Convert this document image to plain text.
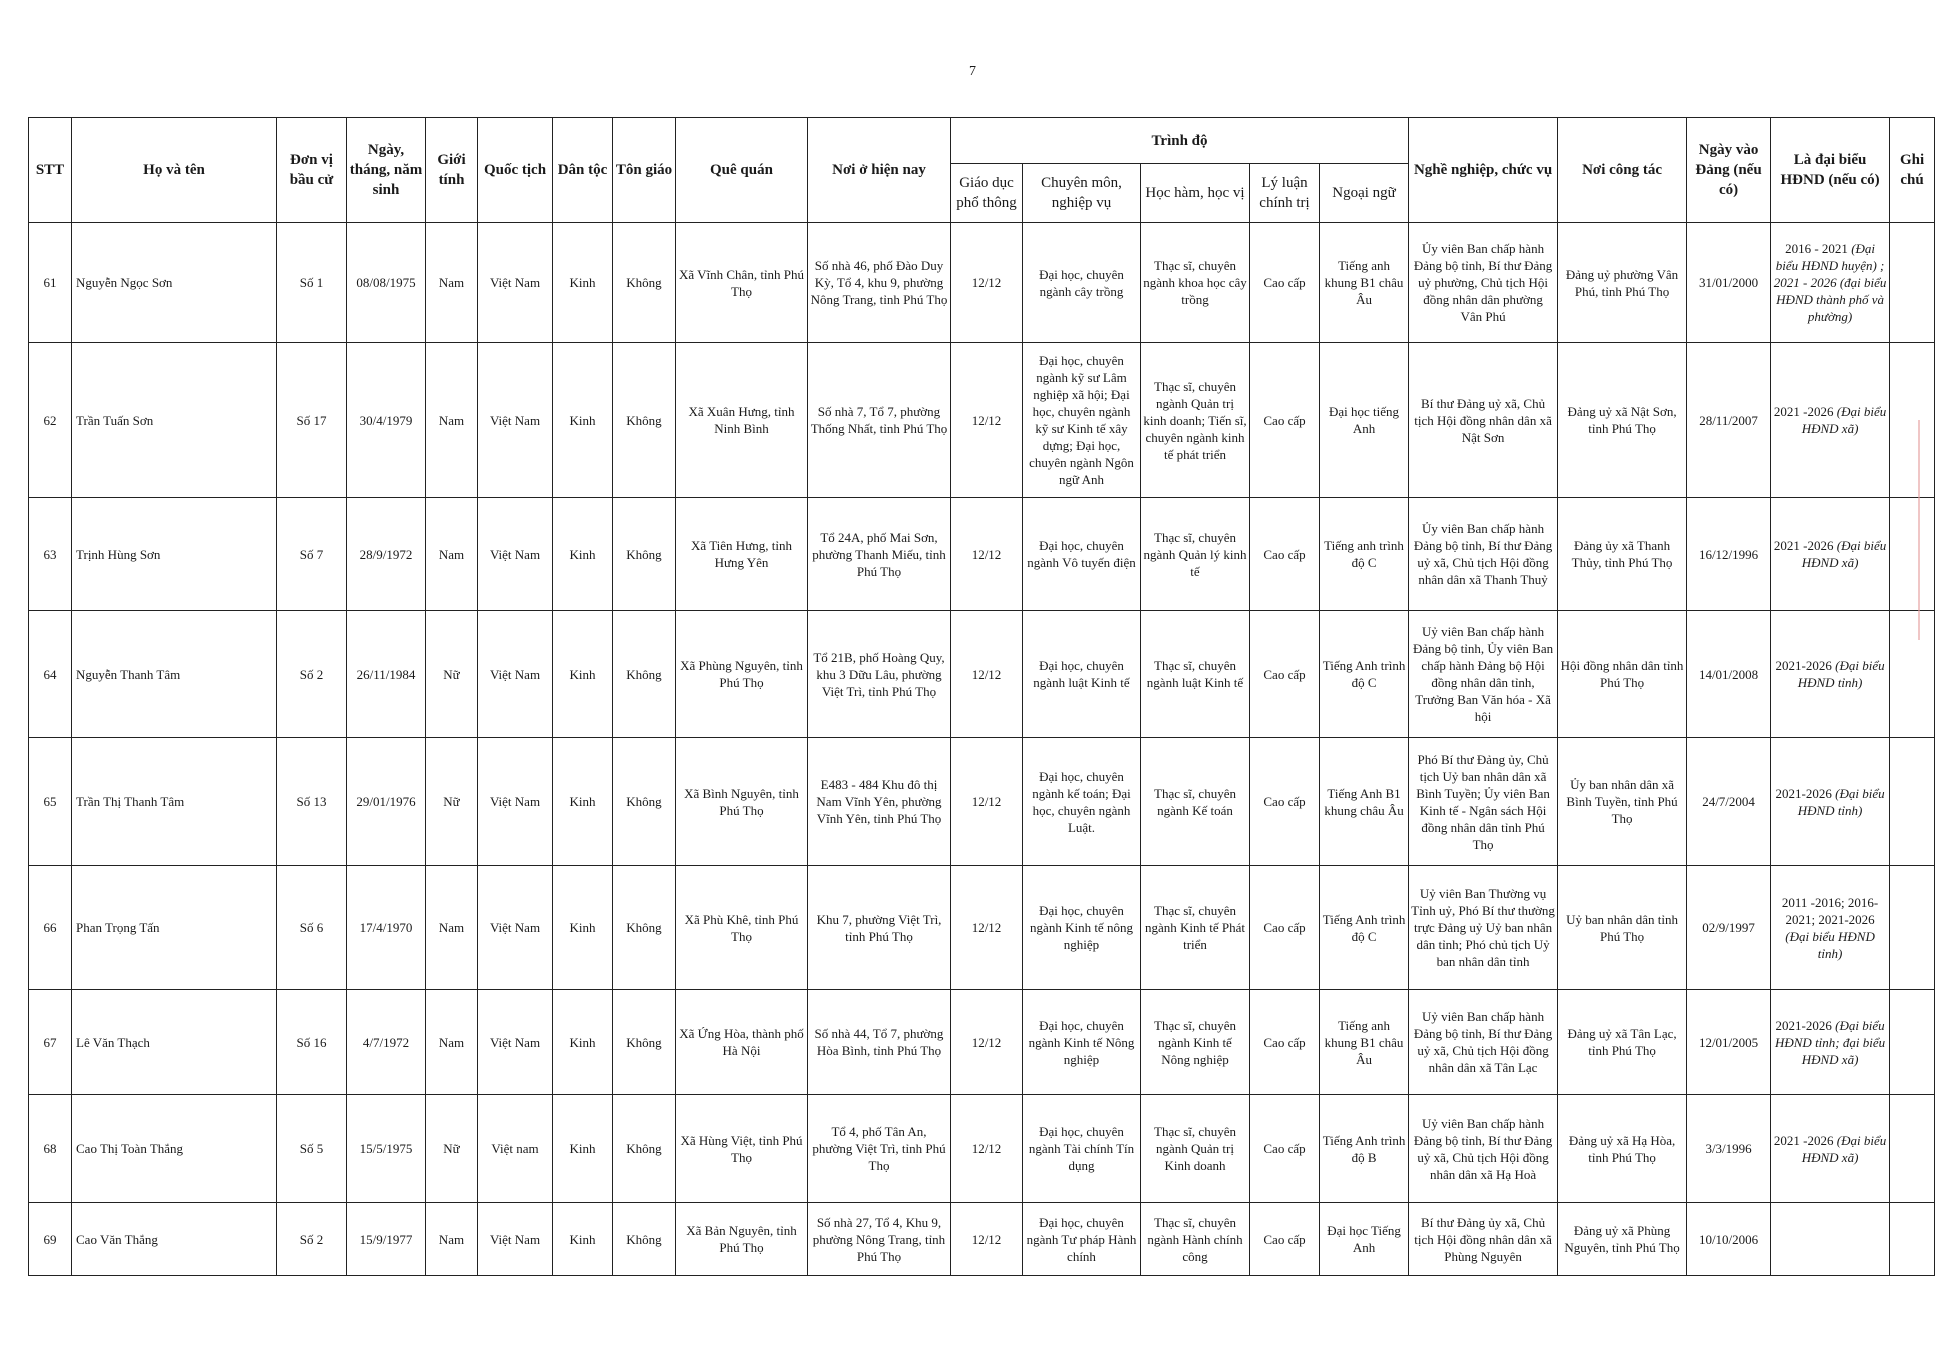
7
STT	Họ và tên	Đơn vị bầu cử	Ngày, tháng, năm sinh	Giới tính	Quốc tịch	Dân tộc	Tôn giáo	Quê quán	Nơi ở hiện nay	Trình độ					Nghề nghiệp, chức vụ	Nơi công tác	Ngày vào Đảng (nếu có)	Là đại biểu HĐND (nếu có)	Ghi chú
										Giáo dục phổ thông	Chuyên môn, nghiệp vụ	Học hàm, học vị	Lý luận chính trị	Ngoại ngữ					
61	Nguyễn Ngọc Sơn	Số 1	08/08/1975	Nam	Việt Nam	Kinh	Không	Xã Vĩnh Chân, tỉnh Phú Thọ	Số nhà 46, phố Đào Duy Kỳ, Tổ 4, khu 9, phường Nông Trang, tỉnh Phú Thọ	12/12	Đại học, chuyên ngành cây trồng	Thạc sĩ, chuyên ngành khoa học cây trồng	Cao cấp	Tiếng anh khung B1 châu Âu	Ủy viên Ban chấp hành Đảng bộ tỉnh, Bí thư Đảng uỷ phường, Chủ tịch Hội đồng nhân dân phường Vân Phú	Đảng uỷ phường Vân Phú, tỉnh Phú Thọ	31/01/2000	2016 - 2021 (Đại biểu HĐND huyện) ; 2021 - 2026 (đại biểu HĐND thành phố và phường)	
62	Trần Tuấn Sơn	Số 17	30/4/1979	Nam	Việt Nam	Kinh	Không	Xã Xuân Hưng, tỉnh Ninh Bình	Số nhà 7, Tổ 7, phường Thống Nhất, tỉnh Phú Thọ	12/12	Đại học, chuyên ngành kỹ sư Lâm nghiệp xã hội; Đại học, chuyên ngành kỹ sư Kinh tế xây dựng; Đại học, chuyên ngành Ngôn ngữ Anh	Thạc sĩ, chuyên ngành Quản trị kinh doanh; Tiến sĩ, chuyên ngành kinh tế phát triển	Cao cấp	Đại học tiếng Anh	Bí thư Đảng uỷ xã, Chủ tịch Hội đồng nhân dân xã Nật Sơn	Đảng uỷ xã Nật Sơn, tỉnh Phú Thọ	28/11/2007	2021 -2026 (Đại biểu HĐND xã)	
63	Trịnh Hùng Sơn	Số 7	28/9/1972	Nam	Việt Nam	Kinh	Không	Xã Tiên Hưng, tỉnh Hưng Yên	Tổ 24A, phố Mai Sơn, phường Thanh Miếu, tỉnh Phú Thọ	12/12	Đại học, chuyên ngành Vô tuyến điện	Thạc sĩ, chuyên ngành Quản lý kinh tế	Cao cấp	Tiếng anh trình độ C	Ủy viên Ban chấp hành Đảng bộ tỉnh, Bí thư Đảng uỷ xã, Chủ tịch Hội đồng nhân dân xã Thanh Thuỷ	Đảng ủy xã Thanh Thủy, tỉnh Phú Thọ	16/12/1996	2021 -2026 (Đại biểu HĐND xã)	
64	Nguyễn Thanh Tâm	Số 2	26/11/1984	Nữ	Việt Nam	Kinh	Không	Xã Phùng Nguyên, tỉnh Phú Thọ	Tổ 21B, phố Hoàng Quy, khu 3 Dữu Lâu, phường Việt Trì, tỉnh Phú Thọ	12/12	Đại học, chuyên ngành luật Kinh tế	Thạc sĩ, chuyên ngành luật Kinh tế	Cao cấp	Tiếng Anh trình độ C	Uỷ viên Ban chấp hành Đảng bộ tỉnh, Ủy viên Ban chấp hành Đảng bộ Hội đồng nhân dân tỉnh, Trưởng Ban Văn hóa - Xã hội	Hội đồng nhân dân tỉnh Phú Thọ	14/01/2008	2021-2026 (Đại biểu HĐND tỉnh)	
65	Trần Thị Thanh Tâm	Số 13	29/01/1976	Nữ	Việt Nam	Kinh	Không	Xã Bình Nguyên, tỉnh Phú Thọ	E483 - 484 Khu đô thị Nam Vĩnh Yên, phường Vĩnh Yên, tỉnh Phú Thọ	12/12	Đại học, chuyên ngành kế toán; Đại học, chuyên ngành Luật.	Thạc sĩ, chuyên ngành Kế toán	Cao cấp	Tiếng Anh B1 khung châu Âu	Phó Bí thư Đảng ủy, Chủ tịch Uỷ ban nhân dân xã Bình Tuyền; Ủy viên Ban Kinh tế - Ngân sách Hội đồng nhân dân tỉnh Phú Thọ	Ủy ban nhân dân xã Bình Tuyền, tỉnh Phú Thọ	24/7/2004	2021-2026 (Đại biểu HĐND tỉnh)	
66	Phan Trọng Tấn	Số 6	17/4/1970	Nam	Việt Nam	Kinh	Không	Xã Phù Khê, tỉnh Phú Thọ	Khu 7, phường Việt Trì, tỉnh Phú Thọ	12/12	Đại học, chuyên ngành Kinh tế nông nghiệp	Thạc sĩ, chuyên ngành Kinh tế Phát triển	Cao cấp	Tiếng Anh trình độ C	Uỷ viên Ban Thường vụ Tỉnh uỷ, Phó Bí thư thường trực Đảng uỷ Uỷ ban nhân dân tỉnh; Phó chủ tịch Uỷ ban nhân dân tỉnh	Uỷ ban nhân dân tỉnh Phú Thọ	02/9/1997	2011 -2016; 2016-2021; 2021-2026 (Đại biểu HĐND tỉnh)	
67	Lê Văn Thạch	Số 16	4/7/1972	Nam	Việt Nam	Kinh	Không	Xã Ứng Hòa, thành phố Hà Nội	Số nhà 44, Tổ 7, phường Hòa Bình, tỉnh Phú Thọ	12/12	Đại học, chuyên ngành Kinh tế Nông nghiệp	Thạc sĩ, chuyên ngành Kinh tế Nông nghiệp	Cao cấp	Tiếng anh khung B1 châu Âu	Uỷ viên Ban chấp hành Đảng bộ tỉnh, Bí thư Đảng uỷ xã, Chủ tịch Hội đồng nhân dân xã Tân Lạc	Đảng uỷ xã Tân Lạc, tỉnh Phú Thọ	12/01/2005	2021-2026 (Đại biểu HĐND tỉnh; đại biểu HĐND xã)	
68	Cao Thị Toàn Thắng	Số 5	15/5/1975	Nữ	Việt nam	Kinh	Không	Xã Hùng Việt, tỉnh Phú Thọ	Tổ 4, phố Tân An, phường Việt Trì, tỉnh Phú Thọ	12/12	Đại học, chuyên ngành Tài chính Tín dụng	Thạc sĩ, chuyên ngành Quản trị Kinh doanh	Cao cấp	Tiếng Anh trình độ B	Uỷ viên Ban chấp hành Đảng bộ tỉnh, Bí thư Đảng uỷ xã, Chủ tịch Hội đồng nhân dân xã Hạ Hoà	Đảng uỷ xã Hạ Hòa, tỉnh Phú Thọ	3/3/1996	2021 -2026 (Đại biểu HĐND xã)	
69	Cao Văn Thắng	Số 2	15/9/1977	Nam	Việt Nam	Kinh	Không	Xã Bản Nguyên, tỉnh Phú Thọ	Số nhà 27, Tổ 4, Khu 9, phường Nông Trang, tỉnh Phú Thọ	12/12	Đại học, chuyên ngành Tư pháp Hành chính	Thạc sĩ, chuyên ngành Hành chính công	Cao cấp	Đại học Tiếng Anh	Bí thư Đảng ủy xã, Chủ tịch Hội đồng nhân dân xã Phùng Nguyên	Đảng uỷ xã Phùng Nguyên, tỉnh Phú Thọ	10/10/2006		
